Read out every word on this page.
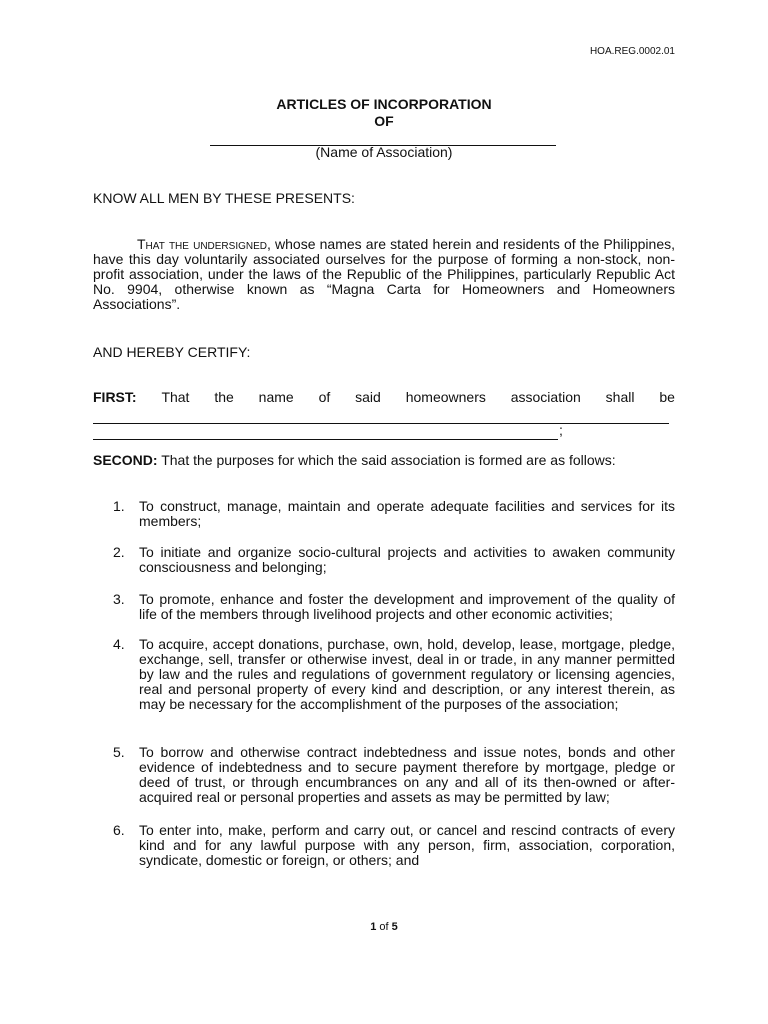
HOA.REG.0002.01
ARTICLES OF INCORPORATION
OF
(Name of Association)
KNOW ALL MEN BY THESE PRESENTS:
That the undersigned, whose names are stated herein and residents of the Philippines, have this day voluntarily associated ourselves for the purpose of forming a non-stock, non-profit association, under the laws of the Republic of the Philippines, particularly Republic Act No. 9904, otherwise known as “Magna Carta for Homeowners and Homeowners Associations”.
AND HEREBY CERTIFY:
FIRST: That the name of said homeowners association shall be
;
SECOND: That the purposes for which the said association is formed are as follows:
1. To construct, manage, maintain and operate adequate facilities and services for its members;
2. To initiate and organize socio-cultural projects and activities to awaken community consciousness and belonging;
3. To promote, enhance and foster the development and improvement of the quality of life of the members through livelihood projects and other economic activities;
4. To acquire, accept donations, purchase, own, hold, develop, lease, mortgage, pledge, exchange, sell, transfer or otherwise invest, deal in or trade, in any manner permitted by law and the rules and regulations of government regulatory or licensing agencies, real and personal property of every kind and description, or any interest therein, as may be necessary for the accomplishment of the purposes of the association;
5. To borrow and otherwise contract indebtedness and issue notes, bonds and other evidence of indebtedness and to secure payment therefore by mortgage, pledge or deed of trust, or through encumbrances on any and all of its then-owned or after-acquired real or personal properties and assets as may be permitted by law;
6. To enter into, make, perform and carry out, or cancel and rescind contracts of every kind and for any lawful purpose with any person, firm, association, corporation, syndicate, domestic or foreign, or others; and
1 of 5
